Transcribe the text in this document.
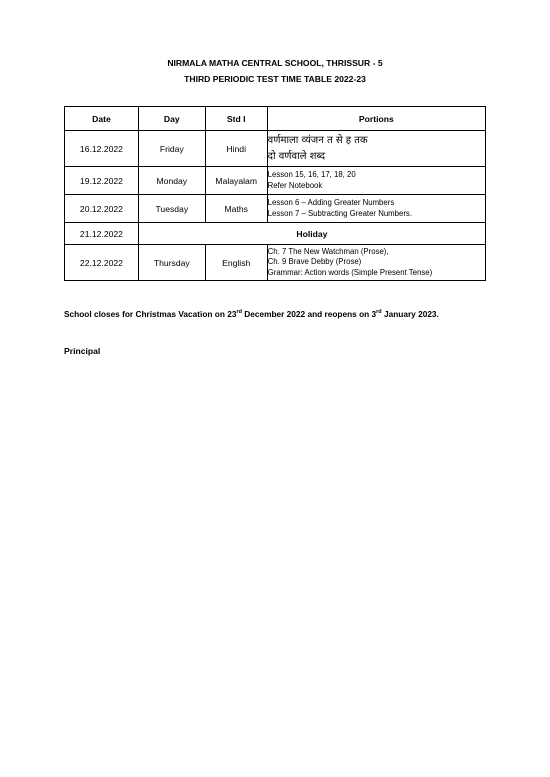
NIRMALA MATHA CENTRAL SCHOOL, THRISSUR - 5
THIRD PERIODIC TEST TIME TABLE 2022-23
Date	Day	Std I	Portions
16.12.2022	Friday	Hindi	वर्णमाला व्यंजन त से ह तक
दो वर्णवाले शब्द

19.12.2022	Monday	Malayalam	Lesson 15, 16, 17, 18, 20
Refer Notebook

20.12.2022	Tuesday	Maths	Lesson 6 – Adding Greater Numbers
Lesson 7 – Subtracting Greater Numbers.

21.12.2022	Holiday		
22.12.2022	Thursday	English	Ch. 7 The New Watchman (Prose),
Ch. 9 Brave Debby (Prose)
Grammar: Action words (Simple Present Tense)
School closes for Christmas Vacation on 23rd December 2022 and reopens on 3rd January 2023.
Principal
